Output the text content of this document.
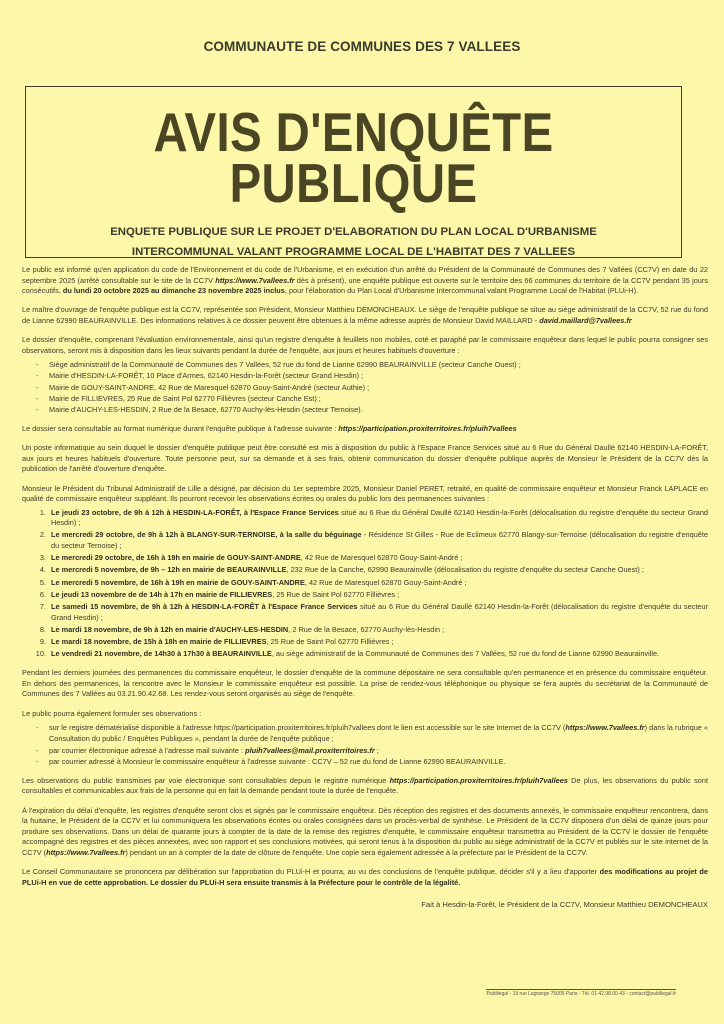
COMMUNAUTE DE COMMUNES DES 7 VALLEES
AVIS D'ENQUÊTE
PUBLIQUE
ENQUETE PUBLIQUE SUR LE PROJET D'ELABORATION DU PLAN LOCAL D'URBANISME
INTERCOMMUNAL VALANT PROGRAMME LOCAL DE L'HABITAT DES 7 VALLEES

Le public est informé qu'en application du code de l'Environnement et du code de l'Urbanisme, et en exécution d'un arrêté du Président de la Communauté de Communes des 7 Vallées (CC7V) en date du 22 septembre 2025 (arrêté consultable sur le site de la CC7V https://www.7vallees.fr dès à présent), une enquête publique est ouverte sur le territoire des 66 communes du territoire de la CC7V pendant 35 jours consécutifs, du lundi 20 octobre 2025 au dimanche 23 novembre 2025 inclus, pour l'élaboration du Plan Local d'Urbanisme Intercommunal valant Programme Local de l'Habitat (PLUi-H).

Le maître d'ouvrage de l'enquête publique est la CC7V, représentée son Président, Monsieur Matthieu DEMONCHEAUX. Le siège de l'enquête publique se situe au siège administratif de la CC7V, 52 rue du fond de Lianne 62990 BEAURAINVILLE. Des informations relatives à ce dossier peuvent être obtenues à la même adresse auprès de Monsieur David MAILLARD - david.maillard@7vallees.fr

Le dossier d'enquête, comprenant l'évaluation environnementale, ainsi qu'un registre d'enquête à feuillets non mobiles, coté et paraphé par le commissaire enquêteur dans lequel le public pourra consigner ses observations, seront mis à disposition dans les lieux suivants pendant la durée de l'enquête, aux jours et heures habituels d'ouverture :

- Siège administratif de la Communauté de Communes des 7 Vallées, 52 rue du fond de Lianne 62990 BEAURAINVILLE (secteur Canche Ouest) ;
- Mairie d'HESDIN-LA-FORÊT, 10 Place d'Armes, 62140 Hesdin-la-Forêt (secteur Grand Hesdin) ;
- Mairie de GOUY-SAINT-ANDRE, 42 Rue de Maresquel 62870 Gouy-Saint-André (secteur Authie) ;
- Mairie de FILLIEVRES, 25 Rue de Saint Pol 62770 Fillièvres (secteur Canche Est) ;
- Mairie d'AUCHY-LES-HESDIN, 2 Rue de la Besace, 62770 Auchy-lès-Hesdin (secteur Ternoise).

Le dossier sera consultable au format numérique durant l'enquête publique à l'adresse suivante : https://participation.proxiterritoires.fr/pluih7vallees

Un poste informatique au sein duquel le dossier d'enquête publique peut être consulté est mis à disposition du public à l'Espace France Services situé au 6 Rue du Général Daullé 62140 HESDIN-LA-FORÊT, aux jours et heures habituels d'ouverture. Toute personne peut, sur sa demande et à ses frais, obtenir communication du dossier d'enquête publique auprès de Monsieur le Président de la CC7V dès la publication de l'arrêté d'ouverture d'enquête.

Monsieur le Président du Tribunal Administratif de Lille a désigné, par décision du 1er septembre 2025, Monsieur Daniel PERET, retraité, en qualité de commissaire enquêteur et Monsieur Franck LAPLACE en qualité de commissaire enquêteur suppléant. Ils pourront recevoir les observations écrites ou orales du public lors des permanences suivantes :

1. Le jeudi 23 octobre, de 9h à 12h à HESDIN-LA-FORÊT, à l'Espace France Services situé au 6 Rue du Général Daullé 62140 Hesdin-la-Forêt (délocalisation du registre d'enquête du secteur Grand Hesdin) ;
2. Le mercredi 29 octobre, de 9h à 12h à BLANGY-SUR-TERNOISE, à la salle du béguinage - Résidence St Gilles - Rue de Eclimeux 62770 Blangy-sur-Ternoise (délocalisation du registre d'enquête du secteur Ternoise) ;
3. Le mercredi 29 octobre, de 16h à 19h en mairie de GOUY-SAINT-ANDRE, 42 Rue de Maresquel 62870 Gouy-Saint-André ;
4. Le mercredi 5 novembre, de 9h – 12h en mairie de BEAURAINVILLE, 232 Rue de la Canche, 62990 Beaurainville (délocalisation du registre d'enquête du secteur Canche Ouest) ;
5. Le mercredi 5 novembre, de 16h à 19h en mairie de GOUY-SAINT-ANDRE, 42 Rue de Maresquel 62870 Gouy-Saint-André ;
6. Le jeudi 13 novembre de de 14h à 17h en mairie de FILLIEVRES, 25 Rue de Saint Pol 62770 Fillièvres ;
7. Le samedi 15 novembre, de 9h à 12h à HESDIN-LA-FORÊT à l'Espace France Services situé au 6 Rue du Général Daullé 62140 Hesdin-la-Forêt (délocalisation du registre d'enquête du secteur Grand Hesdin) ;
8. Le mardi 18 novembre, de 9h à 12h en mairie d'AUCHY-LES-HESDIN, 2 Rue de la Besace, 62770 Auchy-lès-Hesdin ;
9. Le mardi 18 novembre, de 15h à 18h en mairie de FILLIEVRES, 25 Rue de Saint Pol 62770 Fillièvres ;
10. Le vendredi 21 novembre, de 14h30 à 17h30 à BEAURAINVILLE, au siège administratif de la Communauté de Communes des 7 Vallées, 52 rue du fond de Lianne 62990 Beaurainville.

Pendant les derniers journées des permanences du commissaire enquêteur, le dossier d'enquête de la commune dépositaire ne sera consultable qu'en permanence et en présence du commissaire enquêteur. En dehors des permanences, la rencontre avec le Monsieur le commissaire enquêteur est possible. La prise de rendez-vous téléphonique ou physique se fera auprès du secrétariat de la Communauté de Communes des 7 Vallées au 03.21.90.42.68. Les rendez-vous seront organisés au siège de l'enquête.

Le public pourra également formuler ses observations :

- sur le registre dématérialisé disponible à l'adresse https://participation.proxiterritoires.fr/pluih7vallees dont le lien est accessible sur le site Internet de la CC7V (https://www.7vallees.fr) dans la rubrique « Consultation du public / Enquêtes Publiques », pendant la durée de l'enquête publique ;
- par courrier électronique adressé à l'adresse mail suivante : pluih7vallees@mail.proxiterritoires.fr ;
- par courrier adressé à Monsieur le commissaire enquêteur à l'adresse suivante : CC7V – 52 rue du fond de Lianne 62990 BEAURAINVILLE.

Les observations du public transmises par voie électronique sont consultables depuis le registre numérique https://participation.proxiterritoires.fr/pluih7vallees De plus, les observations du public sont consultables et communicables aux frais de la personne qui en fait la demande pendant toute la durée de l'enquête.

À l'expiration du délai d'enquête, les registres d'enquête seront clos et signés par le commissaire enquêteur. Dès réception des registres et des documents annexés, le commissaire enquêteur rencontrera, dans la huitaine, le Président de la CC7V et lui communiquera les observations écrites ou orales consignées dans un procès-verbal de synthèse. Le Président de la CC7V disposera d'un délai de quinze jours pour produire ses observations. Dans un délai de quarante jours à compter de la date de la remise des registres d'enquête, le commissaire enquêteur transmettra au Président de la CC7V le dossier de l'enquête accompagné des registres et des pièces annexées, avec son rapport et ses conclusions motivées, qui seront tenus à la disposition du public au siège administratif de la CC7V et publiés sur le site internet de la CC7V (https://www.7vallees.fr) pendant un an à compter de la date de clôture de l'enquête. Une copie sera également adressée à la préfecture par le Président de la CC7V.

Le Conseil Communautaire se prononcera par délibération sur l'approbation du PLUi-H et pourra, au vu des conclusions de l'enquête publique, décider s'il y a lieu d'apporter des modifications au projet de PLUi-H en vue de cette approbation. Le dossier du PLUi-H sera ensuite transmis à la Préfecture pour le contrôle de la légalité.

Fait à Hesdin-la-Forêt, le Président de la CC7V, Monsieur Matthieu DEMONCHEAUX
Publilegal - 19 rue Lagrange 75005 Paris - Tél. 01.42.98.00.43 - contact@publilegal.fr
